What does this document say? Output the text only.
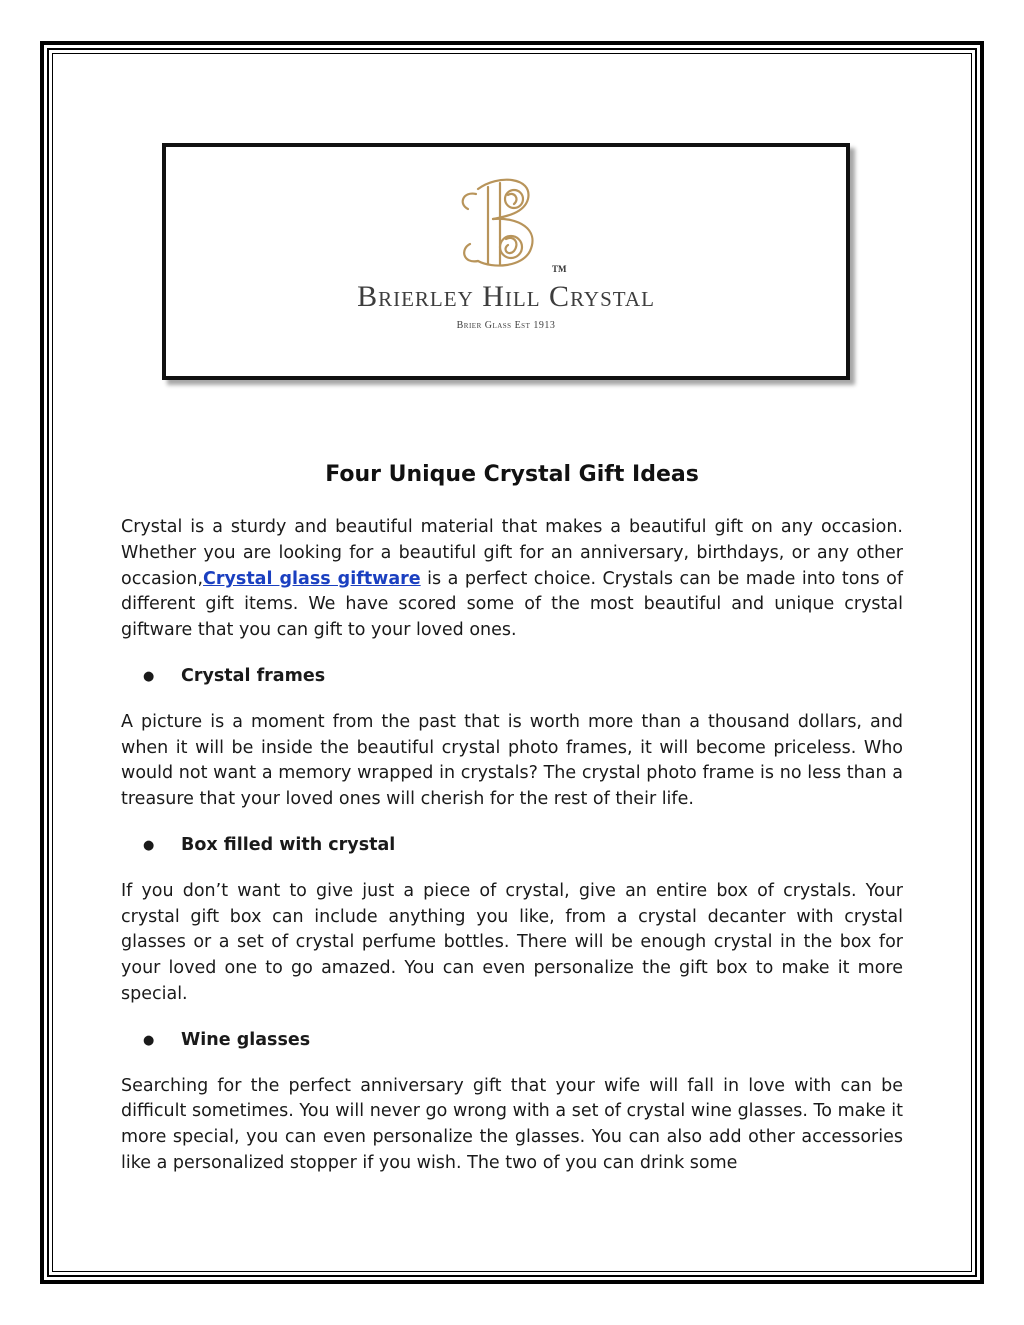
TM
Brierley Hill Crystal
Brier Glass Est 1913
Four Unique Crystal Gift Ideas

Crystal is a sturdy and beautiful material that makes a beautiful gift on any occasion. Whether you are looking for a beautiful gift for an anniversary, birthdays, or any other occasion,Crystal glass giftware is a perfect choice. Crystals can be made into tons of different gift items. We have scored some of the most beautiful and unique crystal giftware that you can gift to your loved ones.

● Crystal frames

A picture is a moment from the past that is worth more than a thousand dollars, and when it will be inside the beautiful crystal photo frames, it will become priceless. Who would not want a memory wrapped in crystals? The crystal photo frame is no less than a treasure that your loved ones will cherish for the rest of their life.

● Box filled with crystal

If you don’t want to give just a piece of crystal, give an entire box of crystals. Your crystal gift box can include anything you like, from a crystal decanter with crystal glasses or a set of crystal perfume bottles. There will be enough crystal in the box for your loved one to go amazed. You can even personalize the gift box to make it more special.

● Wine glasses

Searching for the perfect anniversary gift that your wife will fall in love with can be difficult sometimes. You will never go wrong with a set of crystal wine glasses. To make it more special, you can even personalize the glasses. You can also add other accessories like a personalized stopper if you wish. The two of you can drink some
